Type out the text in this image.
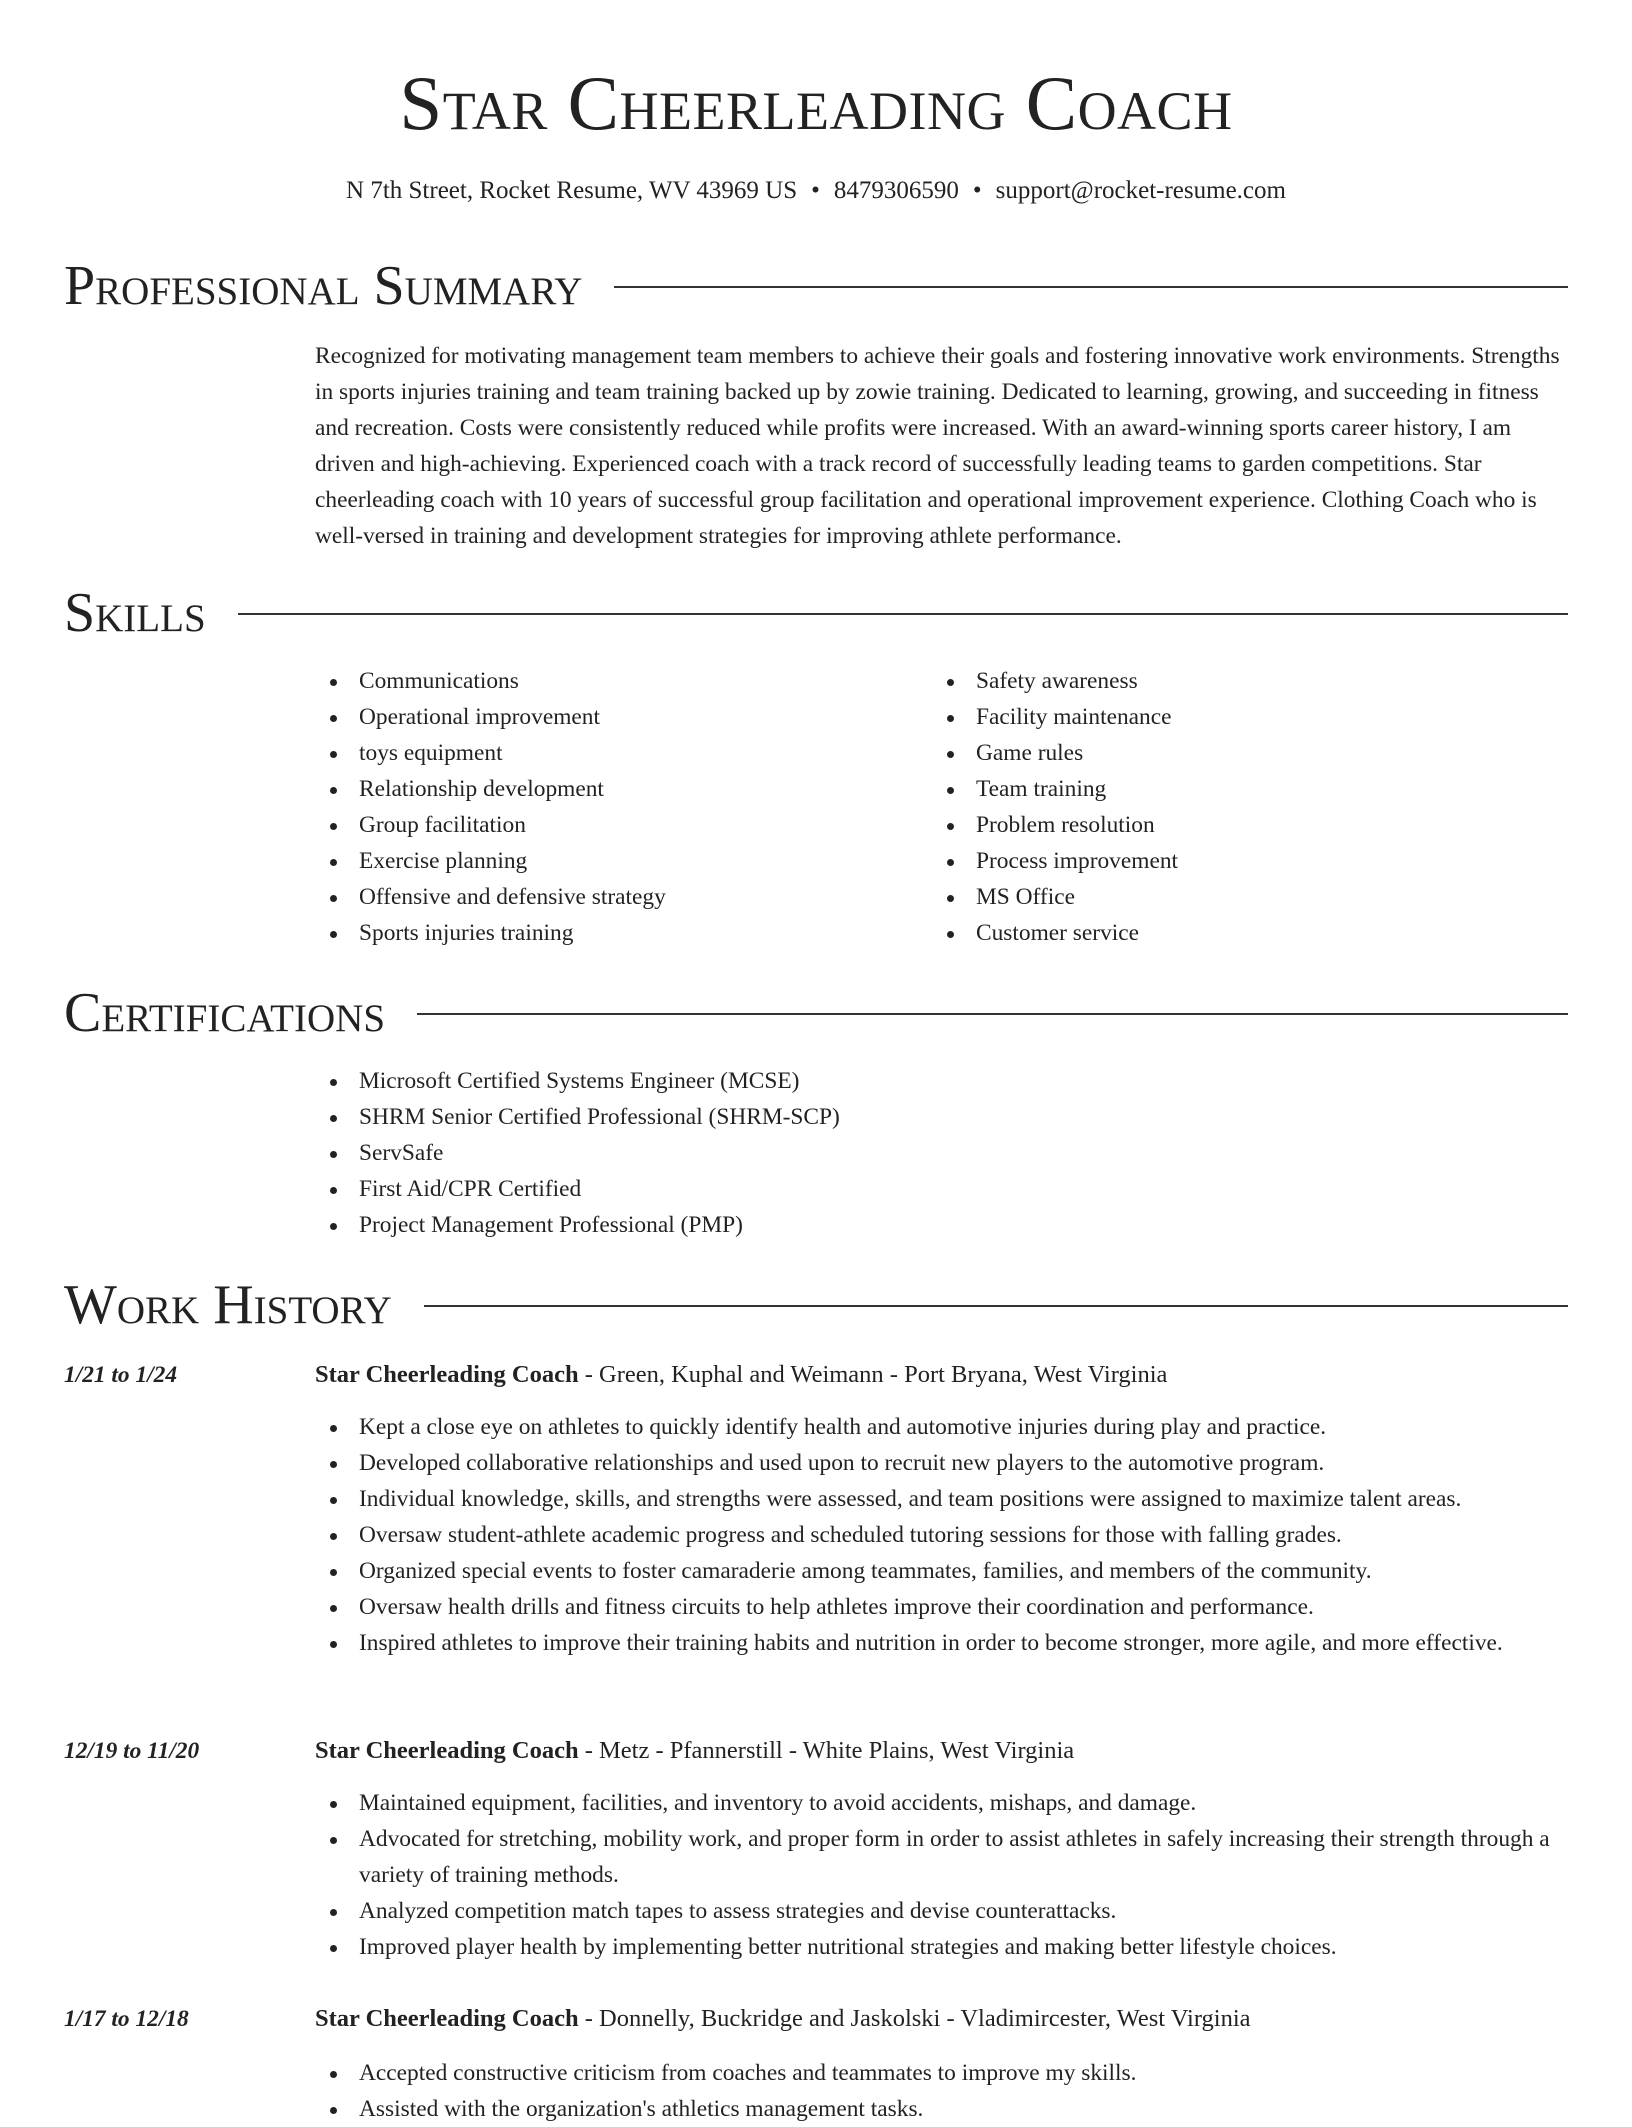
Star Cheerleading Coach
N 7th Street, Rocket Resume, WV 43969 US • 8479306590 • support@rocket-resume.com
Professional Summary

Recognized for motivating management team members to achieve their goals and fostering innovative work environments. Strengths in sports injuries training and team training backed up by zowie training. Dedicated to learning, growing, and succeeding in fitness and recreation. Costs were consistently reduced while profits were increased. With an award-winning sports career history, I am driven and high-achieving. Experienced coach with a track record of successfully leading teams to garden competitions. Star cheerleading coach with 10 years of successful group facilitation and operational improvement experience. Clothing Coach who is well-versed in training and development strategies for improving athlete performance.

Skills
Communications
Operational improvement
toys equipment
Relationship development
Group facilitation
Exercise planning
Offensive and defensive strategy
Sports injuries training
Safety awareness
Facility maintenance
Game rules
Team training
Problem resolution
Process improvement
MS Office
Customer service
Certifications
Microsoft Certified Systems Engineer (MCSE)
SHRM Senior Certified Professional (SHRM-SCP)
ServSafe
First Aid/CPR Certified
Project Management Professional (PMP)
Work History
1/21 to 1/24	Star Cheerleading Coach - Green, Kuphal and Weimann - Port Bryana, West Virginia
Kept a close eye on athletes to quickly identify health and automotive injuries during play and practice.
Developed collaborative relationships and used upon to recruit new players to the automotive program.
Individual knowledge, skills, and strengths were assessed, and team positions were assigned to maximize talent areas.
Oversaw student-athlete academic progress and scheduled tutoring sessions for those with falling grades.
Organized special events to foster camaraderie among teammates, families, and members of the community.
Oversaw health drills and fitness circuits to help athletes improve their coordination and performance.
Inspired athletes to improve their training habits and nutrition in order to become stronger, more agile, and more effective.
12/19 to 11/20	Star Cheerleading Coach - Metz - Pfannerstill - White Plains, West Virginia
Maintained equipment, facilities, and inventory to avoid accidents, mishaps, and damage.
Advocated for stretching, mobility work, and proper form in order to assist athletes in safely increasing their strength through a variety of training methods.
Analyzed competition match tapes to assess strategies and devise counterattacks.
Improved player health by implementing better nutritional strategies and making better lifestyle choices.
1/17 to 12/18	Star Cheerleading Coach - Donnelly, Buckridge and Jaskolski - Vladimircester, West Virginia
Accepted constructive criticism from coaches and teammates to improve my skills.
Assisted with the organization's athletics management tasks.
